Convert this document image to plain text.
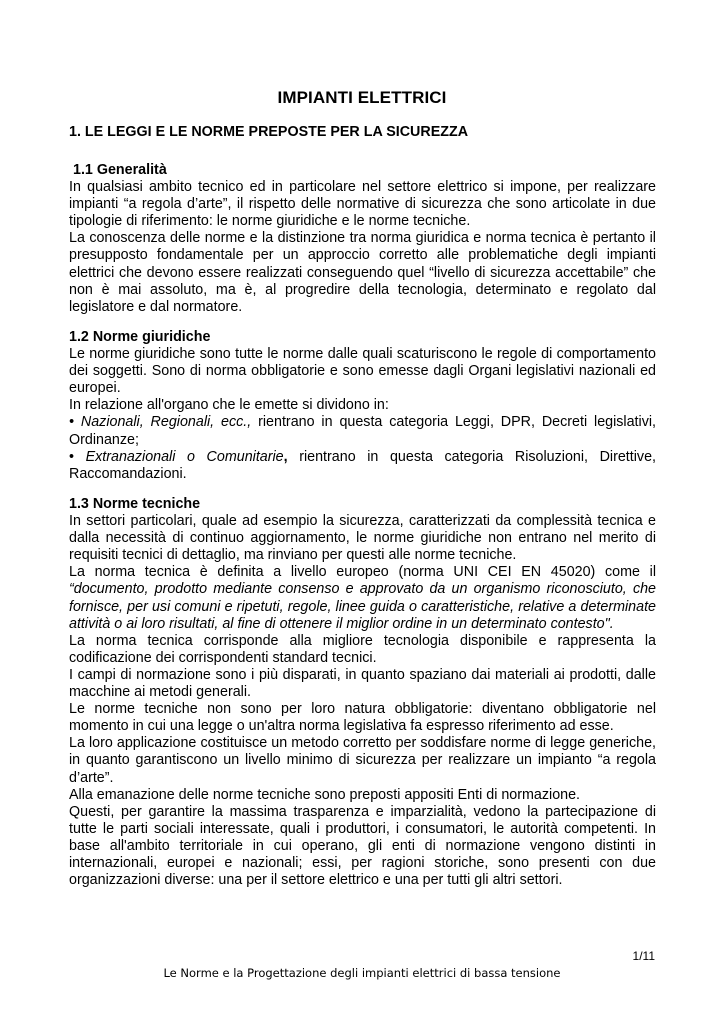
IMPIANTI ELETTRICI
1. LE LEGGI E LE NORME PREPOSTE PER LA SICUREZZA
1.1 Generalità

In qualsiasi ambito tecnico ed in particolare nel settore elettrico si impone, per realizzare impianti “a regola d’arte”, il rispetto delle normative di sicurezza che sono articolate in due tipologie di riferimento: le norme giuridiche e le norme tecniche.

La conoscenza delle norme e la distinzione tra norma giuridica e norma tecnica è pertanto il presupposto fondamentale per un approccio corretto alle problematiche degli impianti elettrici che devono essere realizzati conseguendo quel “livello di sicurezza accettabile” che non è mai assoluto, ma è, al progredire della tecnologia, determinato e regolato dal legislatore e dal normatore.

1.2 Norme giuridiche

Le norme giuridiche sono tutte le norme dalle quali scaturiscono le regole di comportamento dei soggetti. Sono di norma obbligatorie e sono emesse dagli Organi legislativi nazionali ed europei.

In relazione all'organo che le emette si dividono in:

• Nazionali, Regionali, ecc., rientrano in questa categoria Leggi, DPR, Decreti legislativi, Ordinanze;

• Extranazionali o Comunitarie, rientrano in questa categoria Risoluzioni, Direttive, Raccomandazioni.

1.3 Norme tecniche

In settori particolari, quale ad esempio la sicurezza, caratterizzati da complessità tecnica e dalla necessità di continuo aggiornamento, le norme giuridiche non entrano nel merito di requisiti tecnici di dettaglio, ma rinviano per questi alle norme tecniche.

La norma tecnica è definita a livello europeo (norma UNI CEI EN 45020) come il “documento, prodotto mediante consenso e approvato da un organismo riconosciuto, che fornisce, per usi comuni e ripetuti, regole, linee guida o caratteristiche, relative a determinate attività o ai loro risultati, al fine di ottenere il miglior ordine in un determinato contesto".

La norma tecnica corrisponde alla migliore tecnologia disponibile e rappresenta la codificazione dei corrispondenti standard tecnici.

I campi di normazione sono i più disparati, in quanto spaziano dai materiali ai prodotti, dalle macchine ai metodi generali.

Le norme tecniche non sono per loro natura obbligatorie: diventano obbligatorie nel momento in cui una legge o un'altra norma legislativa fa espresso riferimento ad esse.

La loro applicazione costituisce un metodo corretto per soddisfare norme di legge generiche, in quanto garantiscono un livello minimo di sicurezza per realizzare un impianto “a regola d’arte”.

Alla emanazione delle norme tecniche sono preposti appositi Enti di normazione.

Questi, per garantire la massima trasparenza e imparzialità, vedono la partecipazione di tutte le parti sociali interessate, quali i produttori, i consumatori, le autorità competenti. In base all'ambito territoriale in cui operano, gli enti di normazione vengono distinti in internazionali, europei e nazionali; essi, per ragioni storiche, sono presenti con due organizzazioni diverse: una per il settore elettrico e una per tutti gli altri settori.

1/11
Le Norme e la Progettazione degli impianti elettrici di bassa tensione
